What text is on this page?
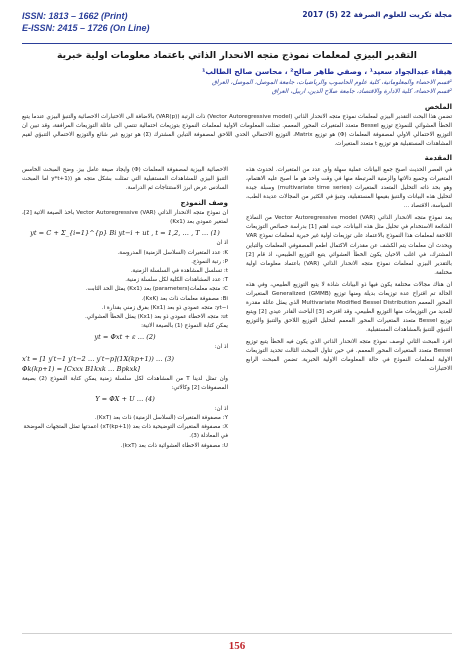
ISSN: 1813 – 1662 (Print)
E-ISSN: 2415 – 1726 (On Line)
مجلة تكريت للعلوم الصرفة 22 (5) 2017
التقدير البيزي لمعلمات نموذج متجه الانحدار الذاتي باعتماد معلومات اولية خبرية
هيفاء عبدالجواد سعيد¹ ، وصفي طاهر صالح² ، محاسن صالح الطالب¹
¹قسم الاحصاء والمعلوماتية، كلية علوم الحاسوب والرياضيات، جامعة الموصل، الموصل، العراق
²قسم الاحصاء، كلية الادارة والاقتصاد، جامعة صلاح الدين، اربيل، العراق
الملخص
تضمن هذا البحث التقدير البيزي لمعلمات نموذج متجه الانحدار الذاتي (Vector Autoregressive model) ذات الرتبة (VAR(p)) بالاضافة الى الاختبارات الاحصائية والتنبؤ البيزي عندما يتبع الخطأ العشوائي للنموذج توزيع Bessel متعدد المتغيرات المحور المعمم. تمثلت المعلومات الاولية لمعلمات النموذج بتوزيعات احتمالية تنتمي الى عائلة التوزيعات المرافقة، وقد تبين ان التوزيع الاحتمالي الاولي لمصفوفة المعلمات (Φ) هو توزيع Matrix، التوزيع الاحتمالي الحدي اللاحق لمصفوفة التباين المشترك (Ʃ) هو توزيع غير شائع والتوزيع الاحتمالي التنبؤي لقيم المشاهدات المستقبلية هو توزيع t متعدد المتغيرات.
المقدمة
في العصر الحديث اصبح جمع البيانات عملية سهلة واي عدد من المتغيرات. لحدوث هذه المتغيرات وجميع دالاتها والزمنية المرتبطة منها في وقت واحد هو ما اصبح عليه الاهتمام، وهو بحد ذاته التحليل المتعدد المتغيرات (multivariate time series) وسبلة جيدة لتحليل هذه البيانات والتنبؤ بقيمها المستقبلية، وتنبؤ في الكثير من المجالات عديدة الطب، السياسة، الاقتصاد ...
يعد نموذج متجه الانحدار الذاتي Vector Autoregressive model (VAR) من النماذج الشائعة الاستخدام في تحليل مثل هذه البيانات، حيث اهتم [1] بدراسة خصائص التوزيعات اللاحقة لمعلمات هذا النموذج بالاعتماد على توزيعات اولية غير خبرية لمعلمات نموذج VAR ويحدث ان معلمات يتم الكشف عن مقدرات الاكتمال اطعم المصفوفي المعلمات والتباين المشترك، في اغلب الاحيان يكون الخطأ العشوائي يتبع التوزيع الطبيعي، اذ قام [2] بالتقدير البيزي لمعلمات نموذج متجه الانحدار الذاتي (VAR) باعتماد معلومات اولية مختلفة.
ان هناك مجالات مختلفة يكون فيها ذو البيانات شاذة لا يتبع التوزيع الطبيعي، وفي هذه الحالة تم اقتراح عدة توزيعات بديلة ومنها توزيع Generalized (GMMB) المتغيرات المحور المعمم Multivariate Modified Bessel Distribution الذي يمثل عائلة مقدرة للعديد من التوزيعات منها التوزيع الطبيعي، وقد اقترحه [3] الباحث القادر عيدي [2] ويتبع توزيع Bessel متعدد المتغيرات المحور المعمم لتحليل التوزيع اللاحق والتنبؤ والتوزيع التنبؤي للتنبؤ بالمشاهدات المستقبلية.
افرد المبحث الثاني لوصف نموذج متجه الانحدار الذاتي الذي يكون فيه الخطأ يتبع توزيع Bessel متعدد المتغيرات المحور المعمم. في حين تناول المبحث الثالث تحديد التوزيعات الاولية لمعلمات النموذج في حالة المعلومات الاولية الخبرية. تضمن المبحث الرابع الاختبارات
الاحصائية البيزية لمصفوفة المعلمات (Φ) وايجاد صيغة عامل بيز. وضح المبحث الخامس التنبؤ البيزي للمشاهدات المستقبلية التي تمثلت بشكل متجه هو ((y*t+1 اما المبحث السادس عرض ابرز الاستنتاجات ثم الدراسة.
وصف النموذج
ان نموذج متجه الانحدار الذاتي Vector Autoregressive (VAR) باخذ الصيغة الاتية [2]، لمتغير عمودي بعد (Kx1)
yt = C + Σ_{i=1}^{p} Bi yt−i + ut , t = 1,2, … , T … (1)
اذ ان
K: عدد المتغيرات (السلاسل الزمنية) المدروسة.
P: رتبة النموذج.
t: تسلسل المشاهدة في السلسلة الزمنية.
T: عدد المشاهدات الكلية لكل سلسلة زمنية.
C: متجه معلمات(parameters) بعد (Kx1) يمثل الحد الثابت.
Bi: مصفوفة معلمات ذات بعد (KxK).
yt−i: متجه عمودي ذو بعد (Kx1) بفرق زمني بقدارة i.
ut: متجه الاخطاء عمودي ذو بعد (Kx1) يمثل الخطأ العشوائي.
يمكن كتابة النموذج (1) بالصيغة الاتية:
yt = Φxt + ε … (2)
اذ ان:
x′t = [1 y′t−1 y′t−2 … y′t−p](1X(kp+1)) … (3)
Φk(kp+1) = [Cxxx B1kxk … Bpkxk]
وان تمثل لدينا T من المشاهدات لكل سلسلة زمنية يمكن كتابة النموذج (2) بصيغة المصفوفات [2] وكالاتي:
Y = ΦX + U … (4)
اذ ان:
Y: مصفوفة المتغيرات (السلاسل الزمنية) ذات بعد (KxT).
X: مصفوفة المتغيرات التوضيحية ذات بعد ((kp+1)xT) اعمدتها تمثل المتجهات الموضحة في المعادلة (3).
U: مصفوفة الاخطاء العشوائية ذات بعد (kxT).
156
